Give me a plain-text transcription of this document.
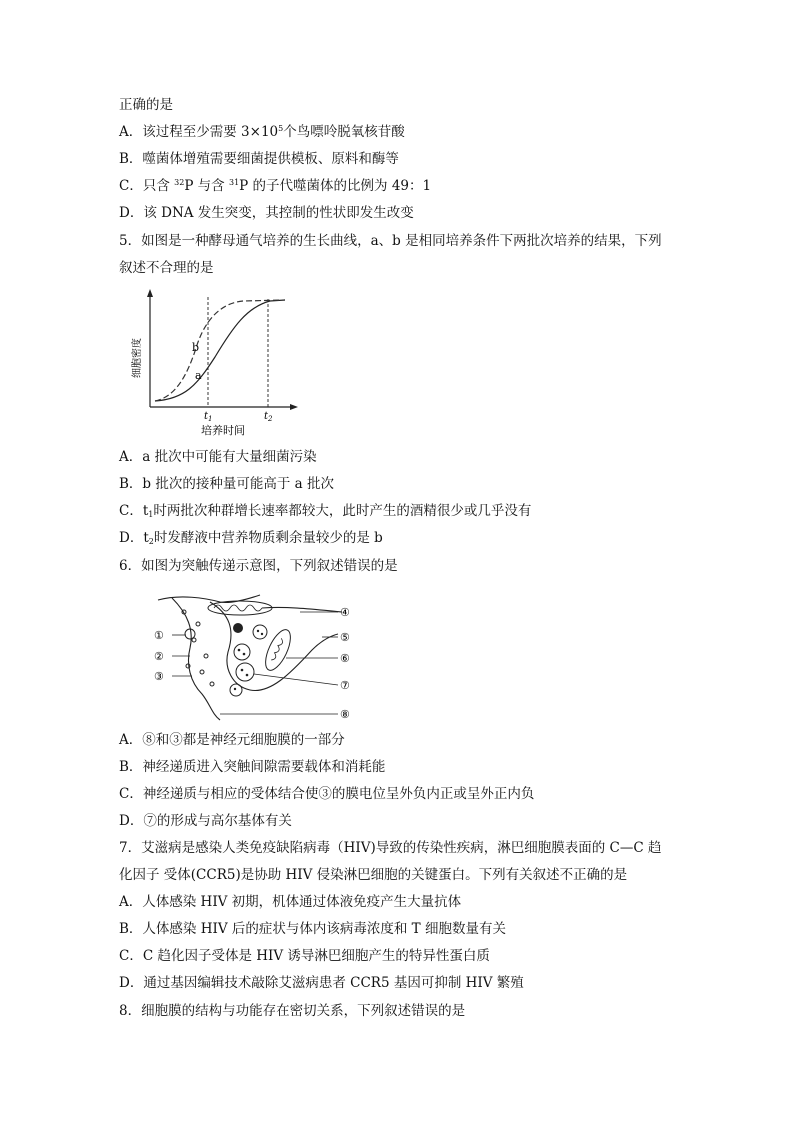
正确的是
A．该过程至少需要 $3\times 10^5$个鸟嘌呤脱氧核苷酸
B．噬菌体增殖需要细菌提供模板、原料和酶等
C．只含 $^{32}$P 与含 $^{31}$P 的子代噬菌体的比例为 49：1
D．该 DNA 发生突变，其控制的性状即发生改变
5．如图是一种酵母通气培养的生长曲线，a、b 是相同培养条件下两批次培养的结果，下列
叙述不合理的是
b
a
$t_1$	$t_2$
培养时间
细胞密度
A．a 批次中可能有大量细菌污染
B．b 批次的接种量可能高于 a 批次
C．$t_1$时两批次种群增长速率都较大，此时产生的酒精很少或几乎没有
D．$t_2$时发酵液中营养物质剩余量较少的是 b
6．如图为突触传递示意图，下列叙述错误的是
①
②
③
④
⑤
⑥
⑦
⑧
A．⑧和③都是神经元细胞膜的一部分
B．神经递质进入突触间隙需要载体和消耗能
C．神经递质与相应的受体结合使③的膜电位呈外负内正或呈外正内负
D．⑦的形成与高尔基体有关
7．艾滋病是感染人类免疫缺陷病毒（HIV)导致的传染性疾病，淋巴细胞膜表面的 C—C 趋
化因子 受体(CCR5)是协助 HIV 侵染淋巴细胞的关键蛋白。下列有关叙述不正确的是
A．人体感染 HIV 初期，机体通过体液免疫产生大量抗体
B．人体感染 HIV 后的症状与体内该病毒浓度和 T 细胞数量有关
C．C 趋化因子受体是 HIV 诱导淋巴细胞产生的特异性蛋白质
D．通过基因编辑技术敲除艾滋病患者 CCR5 基因可抑制 HIV 繁殖
8．细胞膜的结构与功能存在密切关系，下列叙述错误的是
